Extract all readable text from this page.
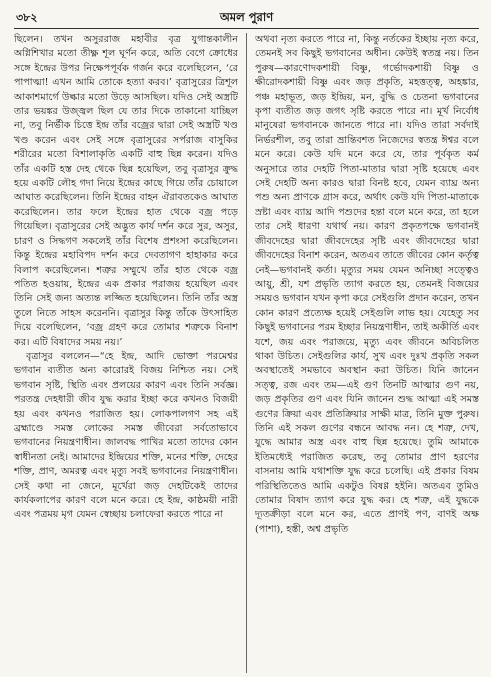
৩৮২	অমল পুরাণ

ছিলেন। তখন অসুররাজ মহাবীর বৃত্র যুগান্তকালীন অগ্নিশিখার মতো তীক্ষ্ণ শূল ঘূর্ণন করে, অতি বেগে ক্রোধের সঙ্গে ইন্দ্রের উপর নিক্ষেপপূর্বক গর্জন করে বলেছিলেন, ‘রে পাপাত্মা! এখন আমি তোকে হত্যা করব।’ বৃত্রাসুরের ত্রিশূল আকাশমার্গে উল্কার মতো উড়ে আসছিল। যদিও সেই অস্ত্রটি তার ভয়ঙ্কর উজ্জ্বল ছিল যে তার দিকে তাকানো যাচ্ছিল না, তবু নির্ভীক চিত্তে ইন্দ্র তাঁর বজ্রের দ্বারা সেই অস্ত্রটি খণ্ড খণ্ড করেন এবং সেই সঙ্গে বৃত্রাসুরের সর্পরাজ বাসুকির শরীরের মতো বিশালাকৃতি একটি বাহু ছিন্ন করেন। যদিও তাঁর একটি হস্ত দেহ থেকে ছিন্ন হয়েছিল, তবু বৃত্রাসুর ক্রুদ্ধ হয়ে একটি লৌহ গদা নিয়ে ইন্দ্রের কাছে গিয়ে তাঁর চোয়ালে আঘাত করেছিলেন। তিনি ইন্দ্রের বাহন ঐরাবতকেও আঘাত করেছিলেন। তার ফলে ইন্দ্রের হাত থেকে বজ্র পড়ে গিয়েছিল। বৃত্রাসুরের সেই অদ্ভুত কার্য দর্শন করে সুর, অসুর, চারণ ও সিদ্ধগণ সকলেই তাঁর বিশেষ প্রশংসা করেছিলেন। কিন্তু ইন্দ্রের মহাবিপদ দর্শন করে দেবতাগণ হাহাকার করে বিলাপ করেছিলেন। শত্রুর সম্মুখে তাঁর হাত থেকে বজ্র পতিত হওয়ায়, ইন্দ্রের এক প্রকার পরাজয় হয়েছিল এবং তিনি সেই জন্য অত্যন্ত লজ্জিত হয়েছিলেন। তিনি তাঁর অস্ত্র তুলে নিতে সাহস করেননি। বৃত্রাসুর কিন্তু তাঁকে উৎসাহিত দিয়ে বলেছিলেন, ‘বজ্র গ্রহণ করে তোমার শত্রুকে বিনাশ কর। এটি বিষাদের সময় নয়।’

বৃত্রাসুর বললেন—“হে ইন্দ্র, আদি ভোক্তা পরমেশ্বর ভগবান ব্যতীত অন্য কারোরই বিজয় নিশ্চিত নয়। সেই ভগবান সৃষ্টি, স্থিতি এবং প্রলয়ের কারণ এবং তিনি সর্বজ্ঞ। পরতন্ত্র দেহধারী জীব যুদ্ধ করার ইচ্ছা করে কখনও বিজয়ী হয় এবং কখনও পরাজিত হয়। লোকপালগণ সহ এই ব্রহ্মাণ্ডে সমস্ত লোকের সমস্ত জীবেরা সর্বতোভাবে ভগবানের নিয়ন্ত্রণাধীন। জালবদ্ধ পাখির মতো তাদের কোন স্বাধীনতা নেই। আমাদের ইন্দ্রিয়ের শক্তি, মনের শক্তি, দেহের শক্তি, প্রাণ, অমরত্ব এবং মৃত্যু সবই ভগবানের নিয়ন্ত্রণাধীন। সেই কথা না জেনে, মূর্খেরা জড় দেহটিকেই তাদের কার্যকলাপের কারণ বলে মনে করে। হে ইন্দ্র, কাষ্ঠময়ী নারী এবং পত্রময় মৃগ যেমন স্বেচ্ছায় চলাফেরা করতে পারে না

অথবা নৃত্য করতে পারে না, কিন্তু নর্তকের ইচ্ছায় নৃত্য করে, তেমনই সব কিছুই ভগবানের অধীন। কেউই স্বতন্ত্র নয়। তিন পুরুষ—কারণোদকশায়ী বিষ্ণু, গর্ভোদকশায়ী বিষ্ণু ও ক্ষীরোদকশায়ী বিষ্ণু এবং জড় প্রকৃতি, মহত্তত্ত্ব, অহঙ্কার, পঞ্চ মহাভূত, জড় ইন্দ্রিয়, মন, বুদ্ধি ও চেতনা ভগবানের কৃপা ব্যতীত জড় জগৎ সৃষ্টি করতে পারে না। মূর্খ নির্বোধ মানুষেরা ভগবানকে জানতে পারে না। যদিও তারা সর্বদাই নির্ভরশীল, তবু তারা ভ্রান্তিবশত নিজেদের স্বতন্ত্র ঈশ্বর বলে মনে করে। কেউ যদি মনে করে যে, তার পূর্বকৃত কর্ম অনুসারে তার দেহটি পিতা-মাতার দ্বারা সৃষ্টি হয়েছে এবং সেই দেহটি অন্য কারও দ্বারা বিনষ্ট হবে, যেমন ব্যাঘ্র অন্য পশু অন্য প্রাণকে গ্রাস করে, অর্থাৎ কেউ যদি পিতা-মাতাকে স্রষ্টা এবং ব্যাঘ্র আদি পশুদের হন্তা বলে মনে করে, তা হলে তার সেই ধারণা যথার্থ নয়। কারণ প্রকৃতপক্ষে ভগবানই জীবদেহের দ্বারা জীবদেহের সৃষ্টি এবং জীবদেহের দ্বারা জীবদেহের বিনাশ করেন, অতএব তাতে জীবের কোন কর্তৃত্ব নেই—ভগবানই কর্তা। মৃত্যুর সময় যেমন অনিচ্ছা সত্ত্বেও আয়ু, শ্রী, যশ প্রভৃতি ত্যাগ করতে হয়, তেমনই বিজয়ের সময়ও ভগবান যখন কৃপা করে সেইগুলি প্রদান করেন, তখন কোন কারণ প্রত্যেক্ষ হয়েই সেইগুলি লাভ হয়। যেহেতু সব কিছুই ভগবানের পরম ইচ্ছার নিয়ন্ত্রণাধীন, তাই অকীর্তি এবং যশে, জয় এবং পরাজয়ে, মৃত্যু এবং জীবনে অবিচলিত থাকা উচিত। সেইগুলির কার্য, সুখ এবং দুঃখ প্রকৃতি সকল অবস্থাতেই সমভাবে অবস্থান করা উচিত। যিনি জানেন সত্ত্ব, রজ এবং তম—এই গুণ তিনটি আত্মার গুণ নয়, জড় প্রকৃতির গুণ এবং যিনি জানেন শুদ্ধ আত্মা এই সমস্ত গুণের ক্রিয়া এবং প্রতিক্রিয়ার সাক্ষী মাত্র, তিনি মুক্ত পুরুষ। তিনি এই সকল গুণের বন্ধনে আবদ্ধ নন। হে শত্রু, দেখ, যুদ্ধে আমার অস্ত্র এবং বাহু ছিন্ন হয়েছে। তুমি আমাকে ইতিমধ্যেই পরাজিত করেছ, তবু তোমার প্রাণ হরণের বাসনায় আমি যথাশক্তি যুদ্ধ করে চলেছি। এই প্রকার বিষম পরিস্থিতিতেও আমি একটুও বিষণ্ণ হইনি। অতএব তুমিও তোমার বিষাদ ত্যাগ করে যুদ্ধ কর। হে শত্রু, এই যুদ্ধকে দ্যূতক্রীড়া বলে মনে কর, এতে প্রাণই পণ, বাণই অক্ষ (পাশা), হস্তী, অশ্ব প্রভৃতি
